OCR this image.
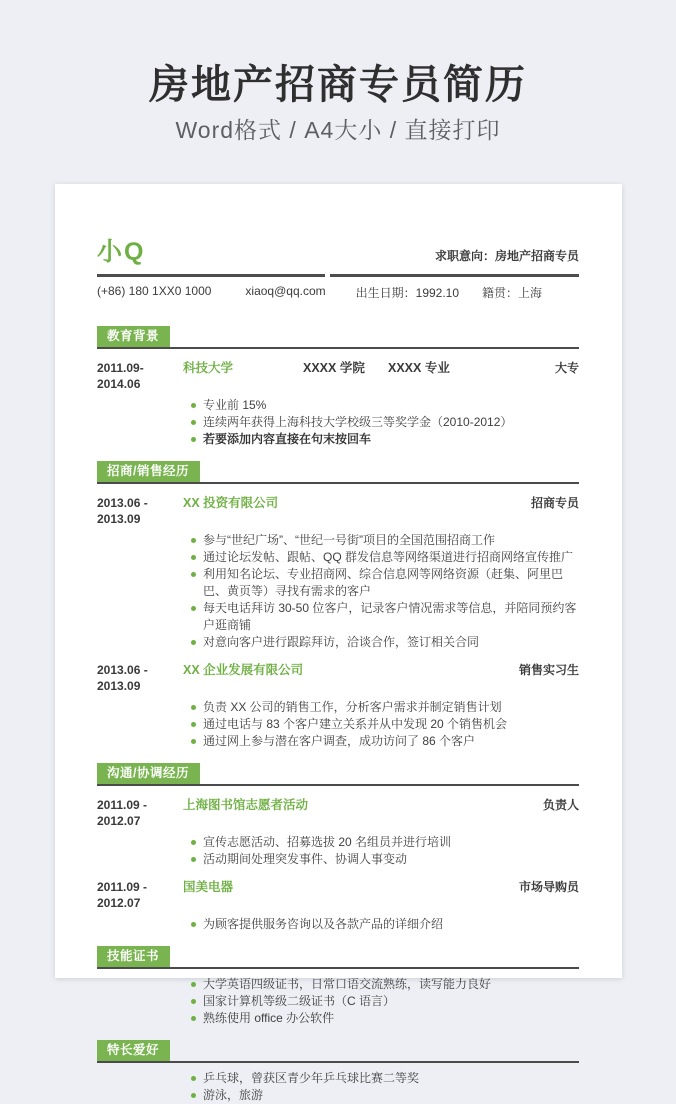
房地产招商专员简历
Word格式 / A4大小 / 直接打印
小Q	求职意向：房地产招商专员
(+86) 180 1XX0 1000	xiaoq@qq.com	出生日期：1992.10 籍贯：上海
教育背景
2011.09-2014.06
科技大学	XXXX 学院	XXXX 专业	大专
专业前 15%
连续两年获得上海科技大学校级三等奖学金（2010-2012）
若要添加内容直接在句末按回车
招商/销售经历
2013.06 - 2013.09
XX 投资有限公司	招商专员
参与“世纪广场”、“世纪一号街”项目的全国范围招商工作
通过论坛发帖、跟帖、QQ 群发信息等网络渠道进行招商网络宣传推广
利用知名论坛、专业招商网、综合信息网等网络资源（赶集、阿里巴巴、黄页等）寻找有需求的客户
每天电话拜访 30-50 位客户，记录客户情况需求等信息，并陪同预约客户逛商铺
对意向客户进行跟踪拜访，洽谈合作，签订相关合同
2013.06 - 2013.09
XX 企业发展有限公司	销售实习生
负责 XX 公司的销售工作，分析客户需求并制定销售计划
通过电话与 83 个客户建立关系并从中发现 20 个销售机会
通过网上参与潜在客户调查，成功访问了 86 个客户
沟通/协调经历
2011.09 - 2012.07
上海图书馆志愿者活动	负责人
宣传志愿活动、招募选拔 20 名组员并进行培训
活动期间处理突发事件、协调人事变动
2011.09 - 2012.07
国美电器	市场导购员
为顾客提供服务咨询以及各款产品的详细介绍
技能证书
大学英语四级证书，日常口语交流熟练，读写能力良好
国家计算机等级二级证书（C 语言）
熟练使用 office 办公软件
特长爱好
乒乓球，曾获区青少年乒乓球比赛二等奖
游泳，旅游
